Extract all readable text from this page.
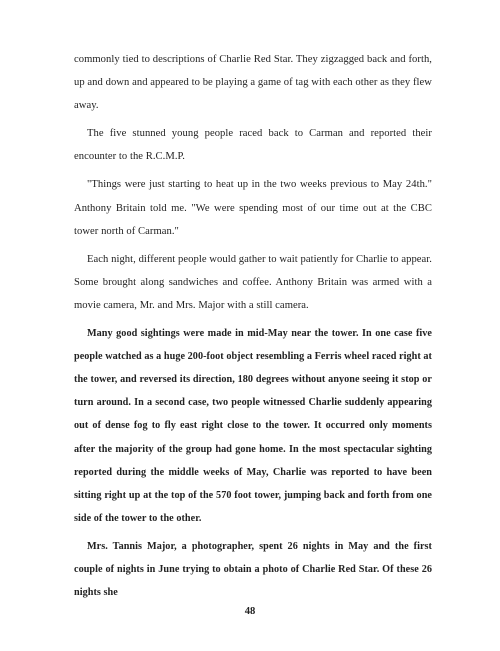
commonly tied to descriptions of Charlie Red Star. They zigzagged back and forth, up and down and appeared to be playing a game of tag with each other as they flew away.

The five stunned young people raced back to Carman and reported their encounter to the R.C.M.P.

"Things were just starting to heat up in the two weeks previous to May 24th." Anthony Britain told me. "We were spending most of our time out at the CBC tower north of Carman."

Each night, different people would gather to wait patiently for Charlie to appear. Some brought along sandwiches and coffee. Anthony Britain was armed with a movie camera, Mr. and Mrs. Major with a still camera.

Many good sightings were made in mid-May near the tower. In one case five people watched as a huge 200-foot object resembling a Ferris wheel raced right at the tower, and reversed its direction, 180 degrees without anyone seeing it stop or turn around. In a second case, two people witnessed Charlie suddenly appearing out of dense fog to fly east right close to the tower. It occurred only moments after the majority of the group had gone home. In the most spectacular sighting reported during the middle weeks of May, Charlie was reported to have been sitting right up at the top of the 570 foot tower, jumping back and forth from one side of the tower to the other.

Mrs. Tannis Major, a photographer, spent 26 nights in May and the first couple of nights in June trying to obtain a photo of Charlie Red Star. Of these 26 nights she

48
